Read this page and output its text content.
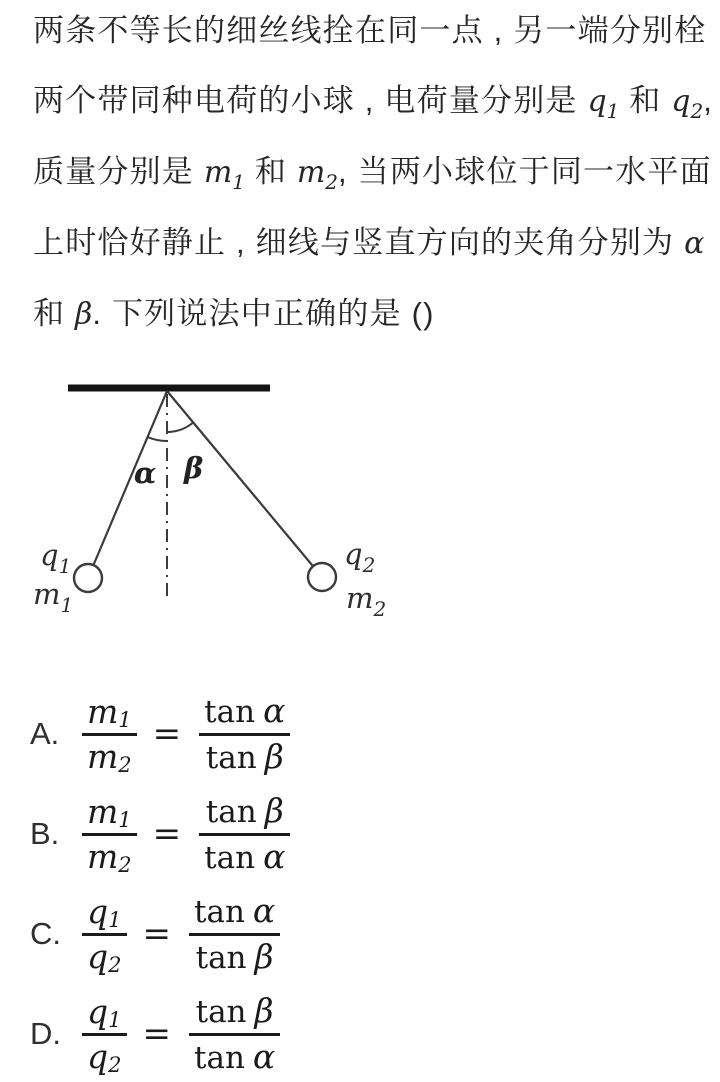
两条不等长的细丝线拴在同一点 , 另一端分别栓
两个带同种电荷的小球 , 电荷量分别是 $q_1$ 和 $q_2$,
质量分别是 $m_1$ 和 $m_2$, 当两小球位于同一水平面
上时恰好静止 , 细线与竖直方向的夹角分别为 α
和 β. 下列说法中正确的是 ()
α β
$q_1$
$m_1$
$q_2$
$m_2$
A. $\frac{m_1}{m_2} = \frac{\text{tan α}}{\text{tan β}}$
B. $\frac{m_1}{m_2} = \frac{\text{tan β}}{\text{tan α}}$
C. $\frac{q_1}{q_2} = \frac{\text{tan α}}{\text{tan β}}$
D. $\frac{q_1}{q_2} = \frac{\text{tan β}}{\text{tan α}}$
